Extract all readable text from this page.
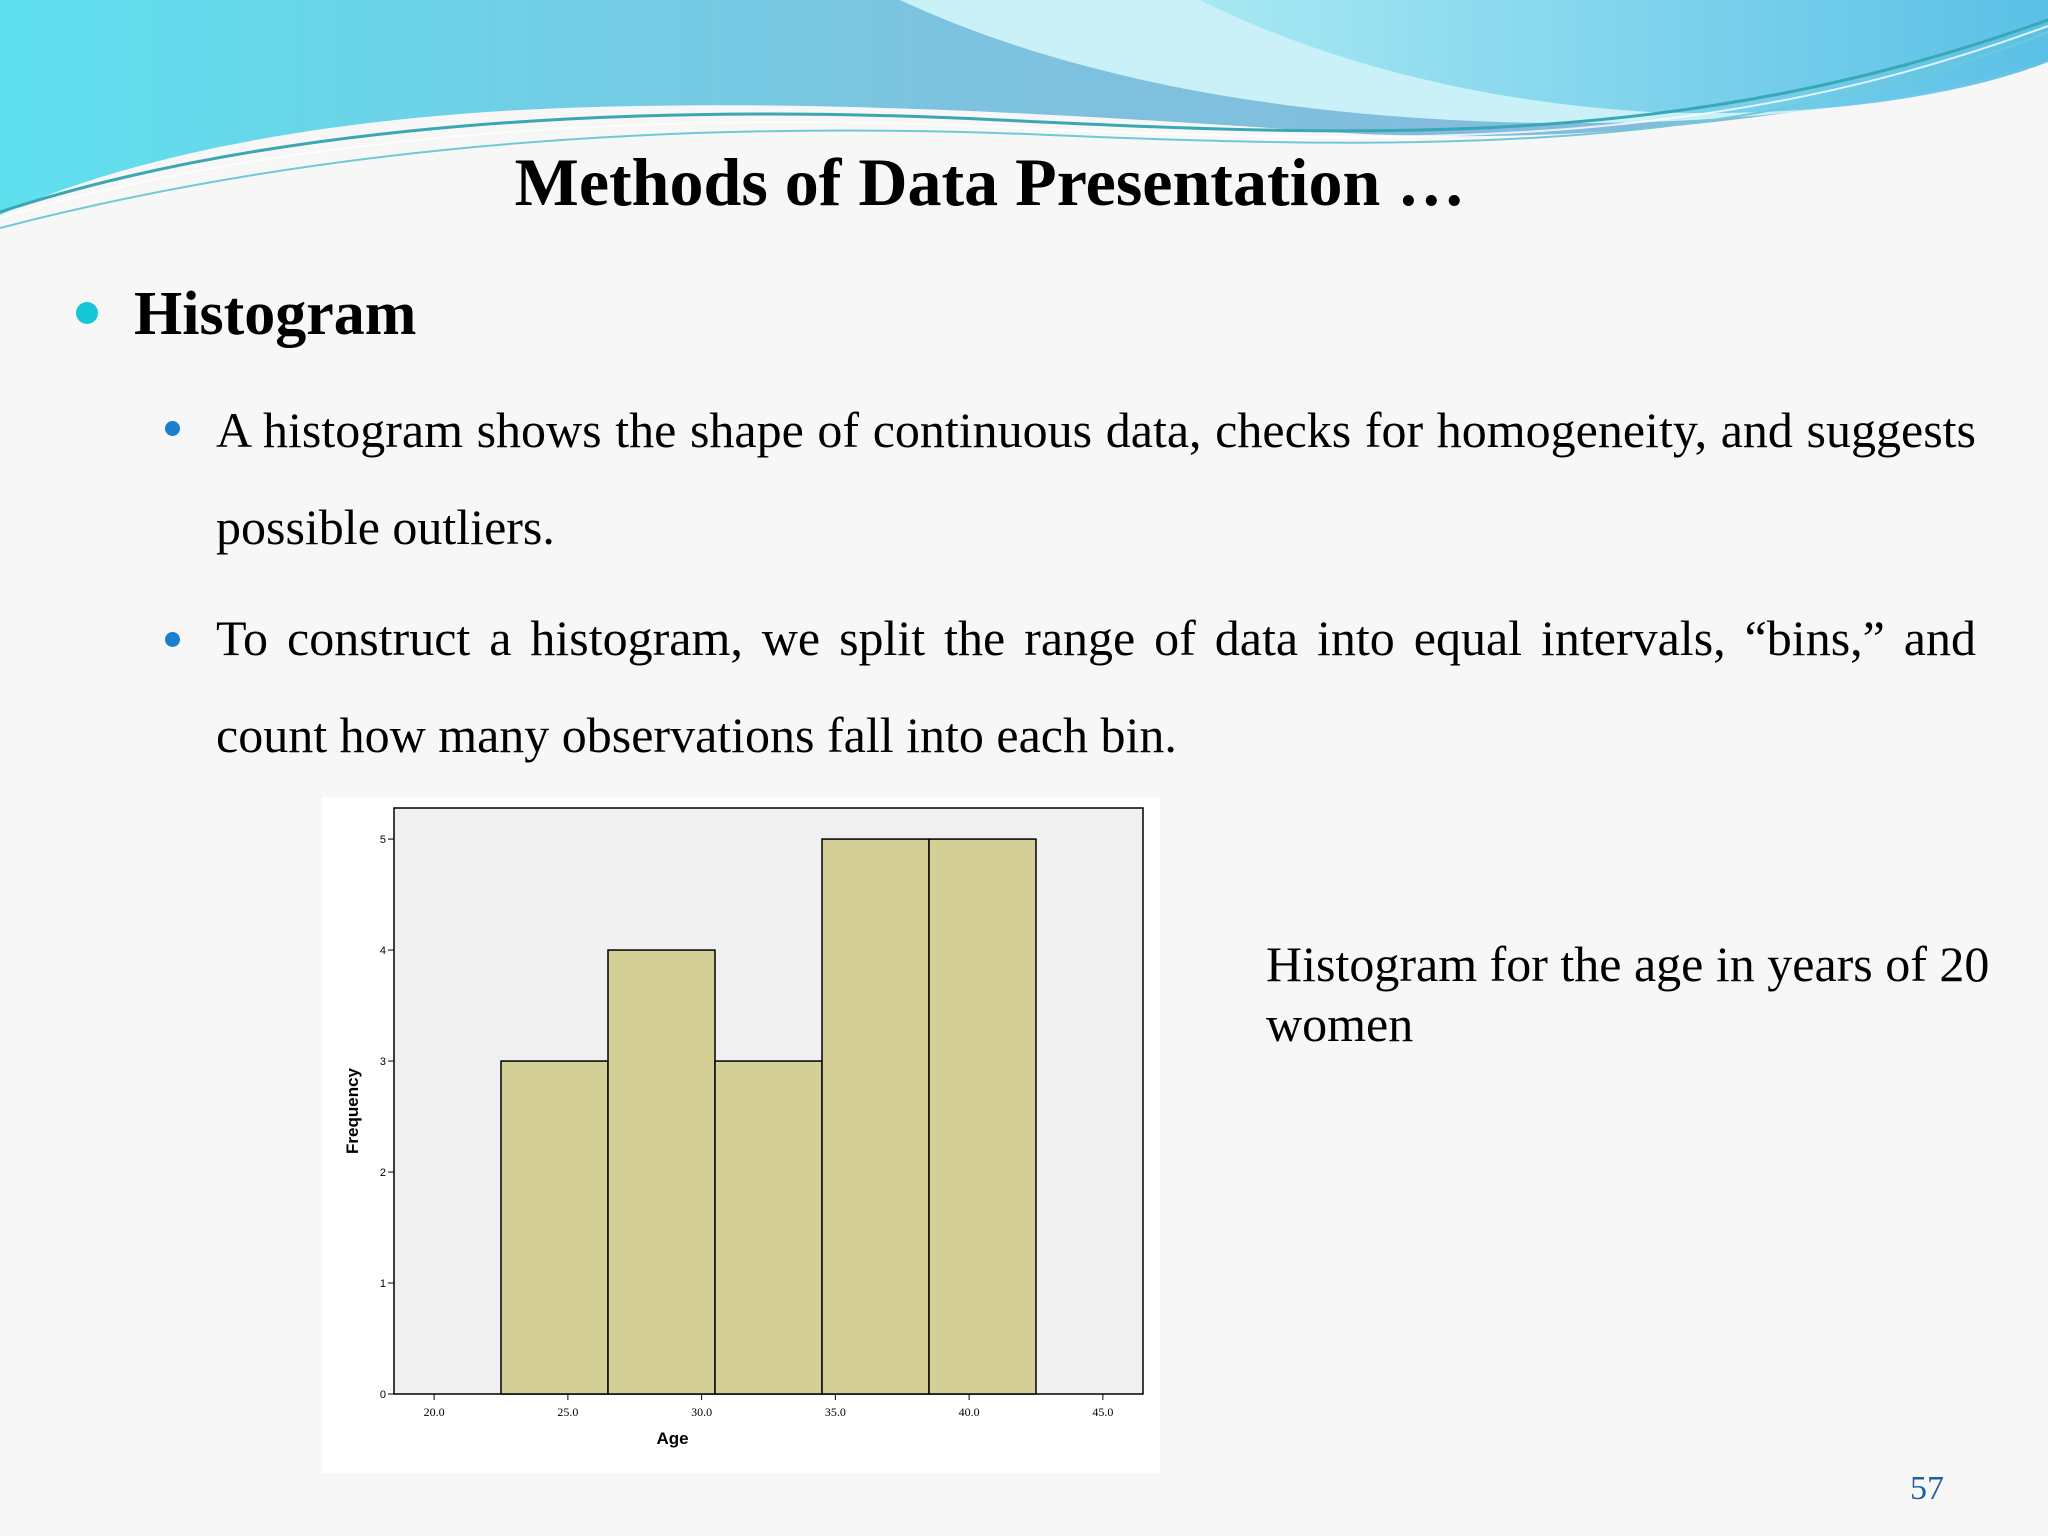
Methods of Data Presentation …
Histogram

A histogram shows the shape of continuous data, checks for homogeneity, and suggests possible outliers.

To construct a histogram, we split the range of data into equal intervals, “bins,” and count how many observations fall into each bin.

20.0	25.0	30.0	35.0	40.0	45.0
0
1
2
3
4
5
Age
Frequency

Histogram for the age in years of 20 women

57
